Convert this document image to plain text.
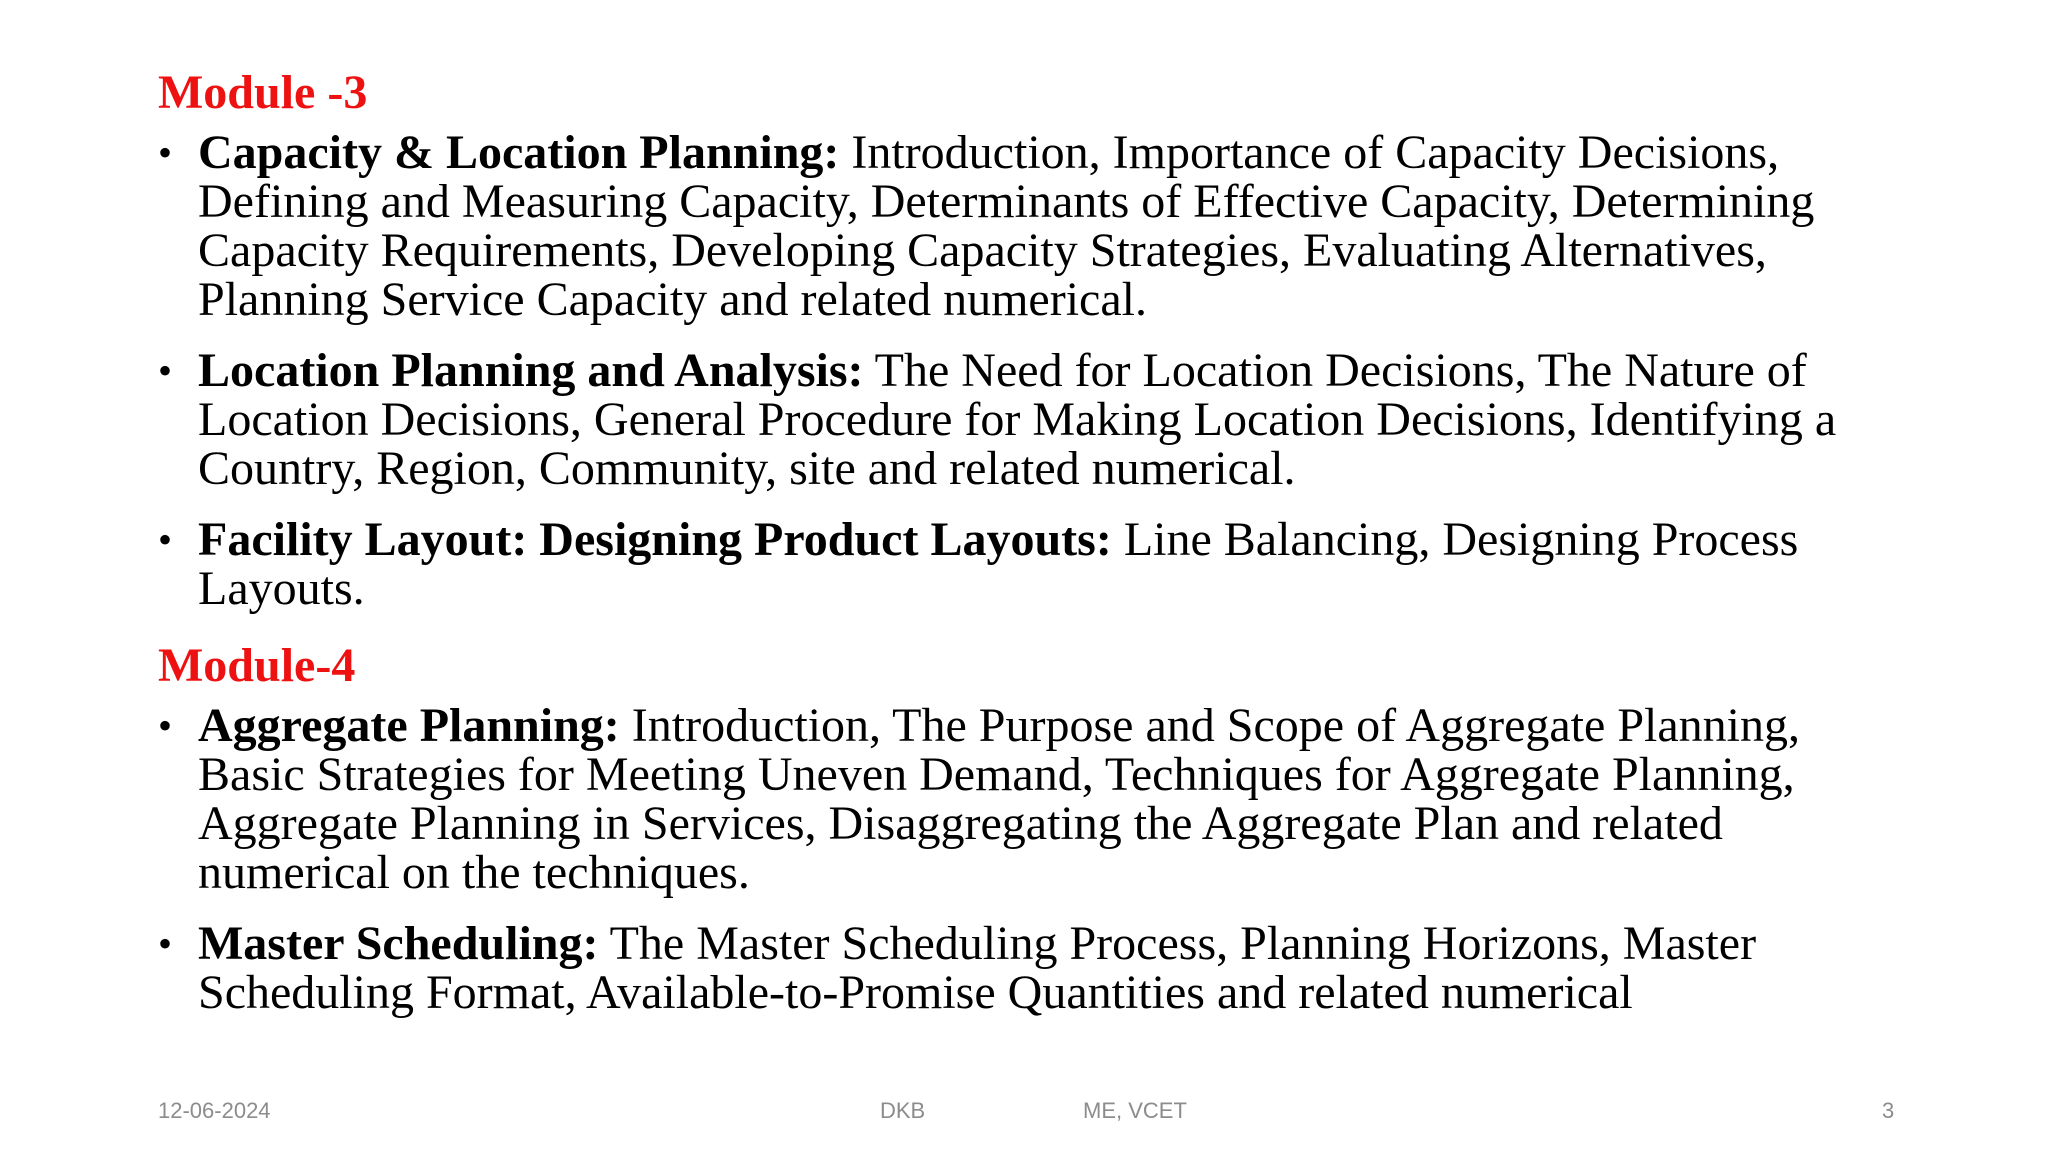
Module -3
• Capacity & Location Planning: Introduction, Importance of Capacity Decisions, Defining and Measuring Capacity, Determinants of Effective Capacity, Determining Capacity Requirements, Developing Capacity Strategies, Evaluating Alternatives, Planning Service Capacity and related numerical.
• Location Planning and Analysis: The Need for Location Decisions, The Nature of Location Decisions, General Procedure for Making Location Decisions, Identifying a Country, Region, Community, site and related numerical.
• Facility Layout: Designing Product Layouts: Line Balancing, Designing Process Layouts.
Module-4
• Aggregate Planning: Introduction, The Purpose and Scope of Aggregate Planning, Basic Strategies for Meeting Uneven Demand, Techniques for Aggregate Planning, Aggregate Planning in Services, Disaggregating the Aggregate Plan and related numerical on the techniques.
• Master Scheduling: The Master Scheduling Process, Planning Horizons, Master Scheduling Format, Available-to-Promise Quantities and related numerical
12-06-2024	DKB	ME, VCET	3
